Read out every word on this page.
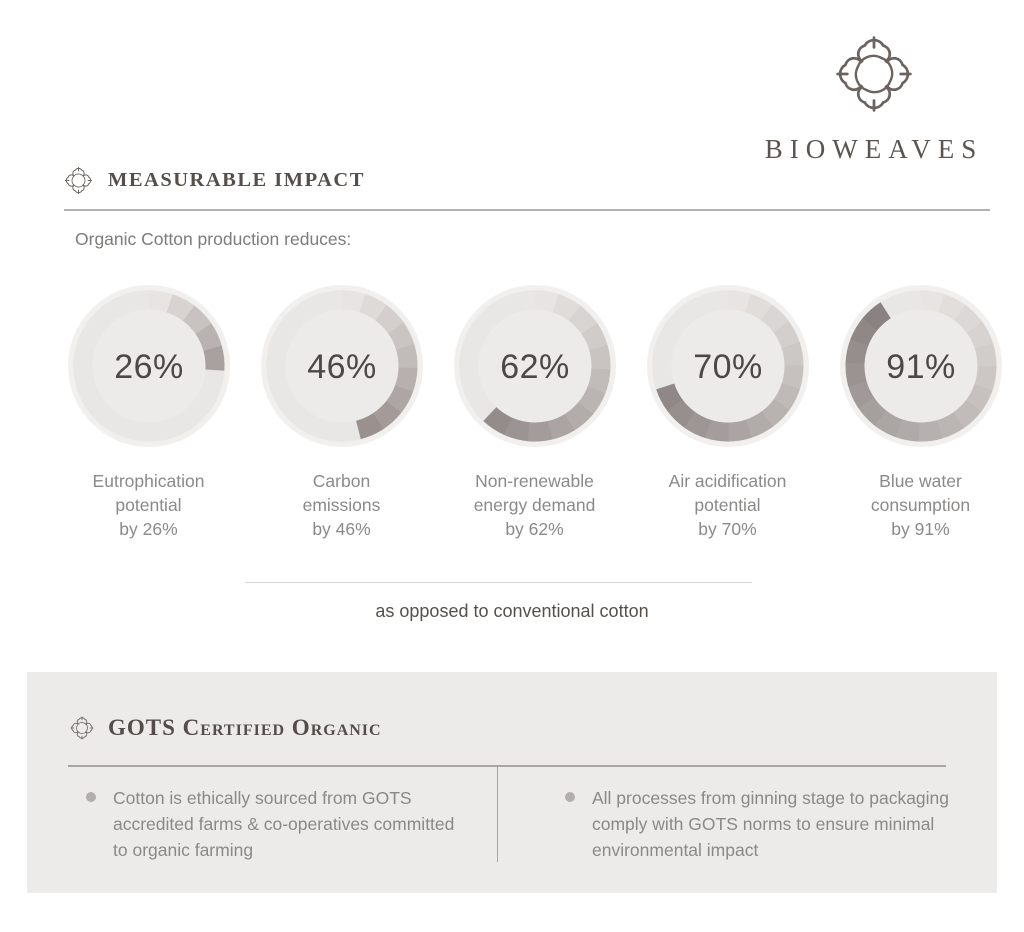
BIOWEAVES
MEASURABLE IMPACT
Organic Cotton production reduces:
26%
Eutrophication
potential
by 26%
46%
Carbon
emissions
by 46%
62%
Non-renewable
energy demand
by 62%
70%
Air acidification
potential
by 70%
91%
Blue water
consumption
by 91%
as opposed to conventional cotton
GOTS Certified Organic
Cotton is ethically sourced from GOTS accredited farms & co-operatives committed to organic farming
All processes from ginning stage to packaging comply with GOTS norms to ensure minimal environmental impact
